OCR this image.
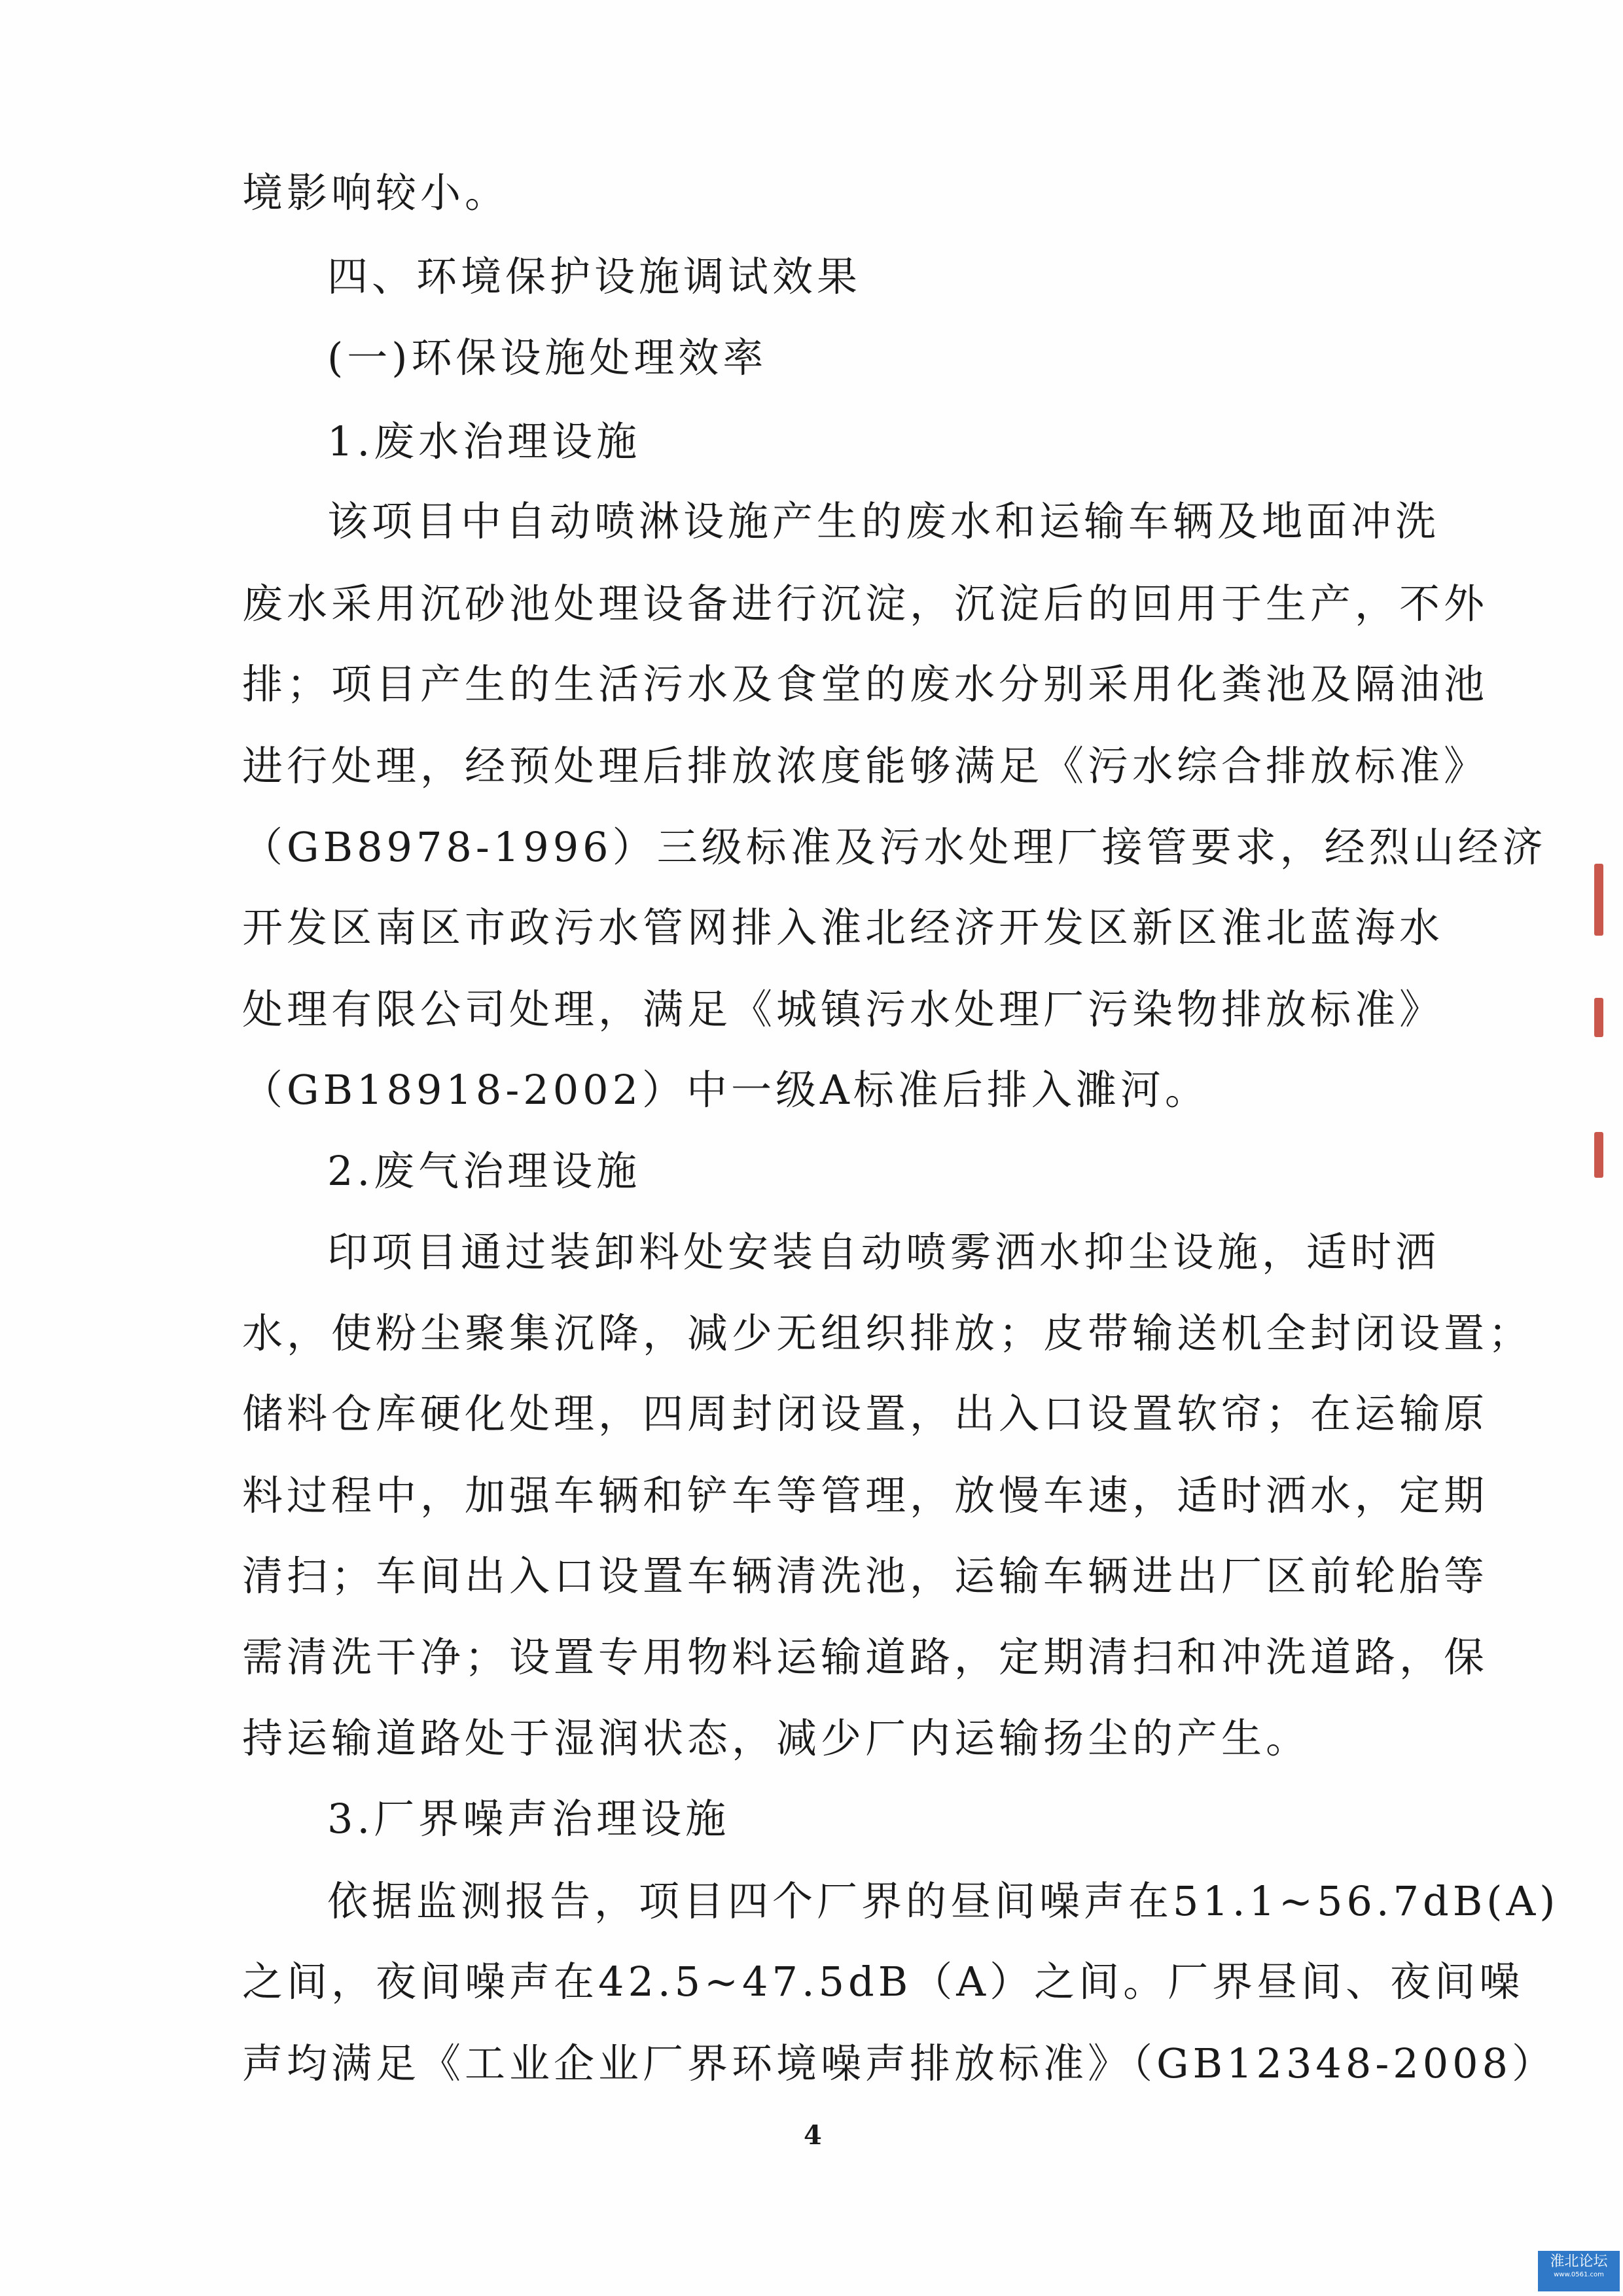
境影响较小。
四、环境保护设施调试效果
(一)环保设施处理效率
1.废水治理设施
该项目中自动喷淋设施产生的废水和运输车辆及地面冲洗
废水采用沉砂池处理设备进行沉淀，沉淀后的回用于生产，不外
排；项目产生的生活污水及食堂的废水分别采用化粪池及隔油池
进行处理，经预处理后排放浓度能够满足《污水综合排放标准》
（GB8978-1996）三级标准及污水处理厂接管要求，经烈山经济
开发区南区市政污水管网排入淮北经济开发区新区淮北蓝海水
处理有限公司处理，满足《城镇污水处理厂污染物排放标准》
（GB18918-2002）中一级A标准后排入濉河。
2.废气治理设施
印项目通过装卸料处安装自动喷雾洒水抑尘设施，适时洒
水，使粉尘聚集沉降，减少无组织排放；皮带输送机全封闭设置；
储料仓库硬化处理，四周封闭设置，出入口设置软帘；在运输原
料过程中，加强车辆和铲车等管理，放慢车速，适时洒水，定期
清扫；车间出入口设置车辆清洗池，运输车辆进出厂区前轮胎等
需清洗干净；设置专用物料运输道路，定期清扫和冲洗道路，保
持运输道路处于湿润状态，减少厂内运输扬尘的产生。
3.厂界噪声治理设施
依据监测报告，项目四个厂界的昼间噪声在51.1~56.7dB(A)
之间，夜间噪声在42.5~47.5dB（A）之间。厂界昼间、夜间噪
声均满足《工业企业厂界环境噪声排放标准》（GB12348-2008）
4
淮北论坛
www.0561.com
